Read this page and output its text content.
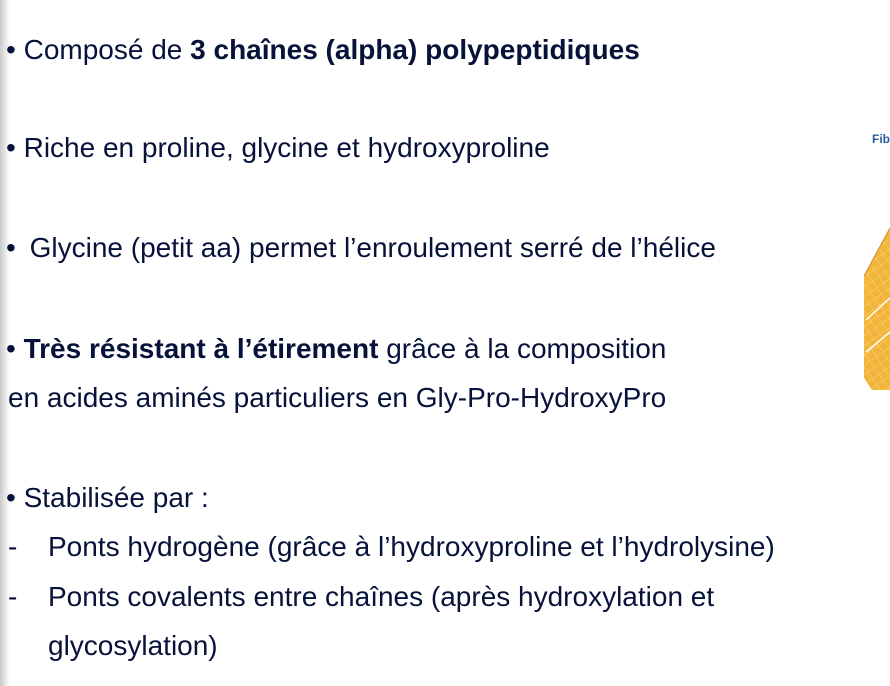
• Composé de 3 chaînes (alpha) polypeptidiques
• Riche en proline, glycine et hydroxyproline
• Glycine (petit aa) permet l’enroulement serré de l’hélice
• Très résistant à l’étirement grâce à la composition
en acides aminés particuliers en Gly-Pro-HydroxyPro
• Stabilisée par :
- Ponts hydrogène (grâce à l’hydroxyproline et l’hydrolysine)
- Ponts covalents entre chaînes (après hydroxylation et
glycosylation)
Fib
